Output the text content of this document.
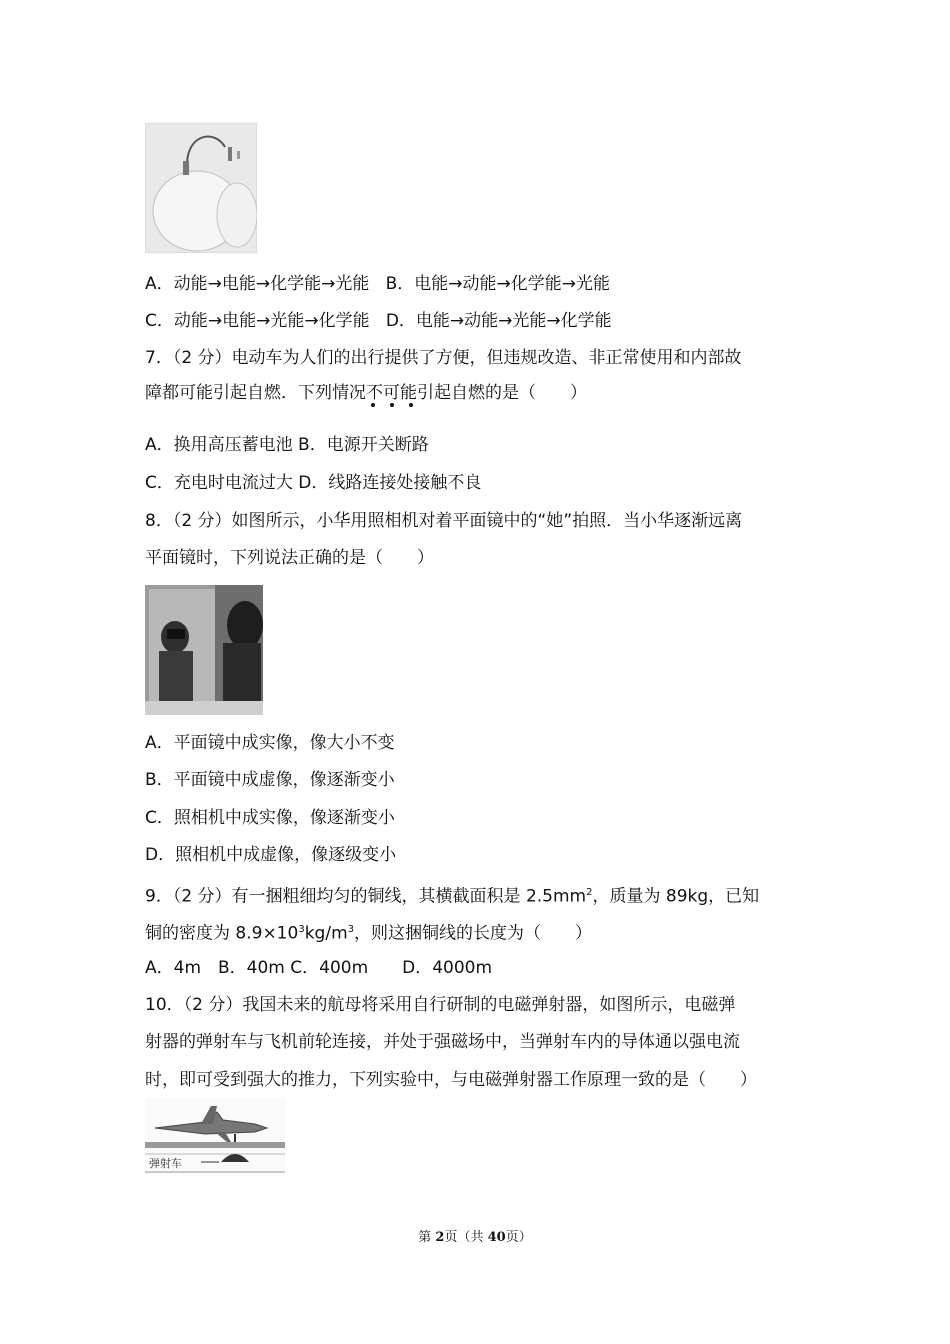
A．动能→电能→化学能→光能 B．电能→动能→化学能→光能
C．动能→电能→光能→化学能 D．电能→动能→光能→化学能
7．（2 分）电动车为人们的出行提供了方便，但违规改造、非正常使用和内部故
障都可能引起自燃．下列情况不可能
引起自燃的是（　　）
A．换用高压蓄电池 B．电源开关断路
C．充电时电流过大 D．线路连接处接触不良
8．（2 分）如图所示，小华用照相机对着平面镜中的“她”拍照．当小华逐渐远离
平面镜时，下列说法正确的是（　　）
A．平面镜中成实像，像大小不变
B．平面镜中成虚像，像逐渐变小
C．照相机中成实像，像逐渐变小
D．照相机中成虚像，像逐级变小
9．（2 分）有一捆粗细均匀的铜线，其横截面积是 $2.5mm^2$，质量为 89kg，已知
铜的密度为 $8.9\times 10^3kg/m^3$，则这捆铜线的长度为（　　）
A．4m　B．40m C．400m　　D．4000m
10．（2 分）我国未来的航母将采用自行研制的电磁弹射器，如图所示，电磁弹
射器的弹射车与飞机前轮连接，并处于强磁场中，当弹射车内的导体通以强电流
时，即可受到强大的推力，下列实验中，与电磁弹射器工作原理一致的是（　　）
弹射车
第 2页（共 40页）
